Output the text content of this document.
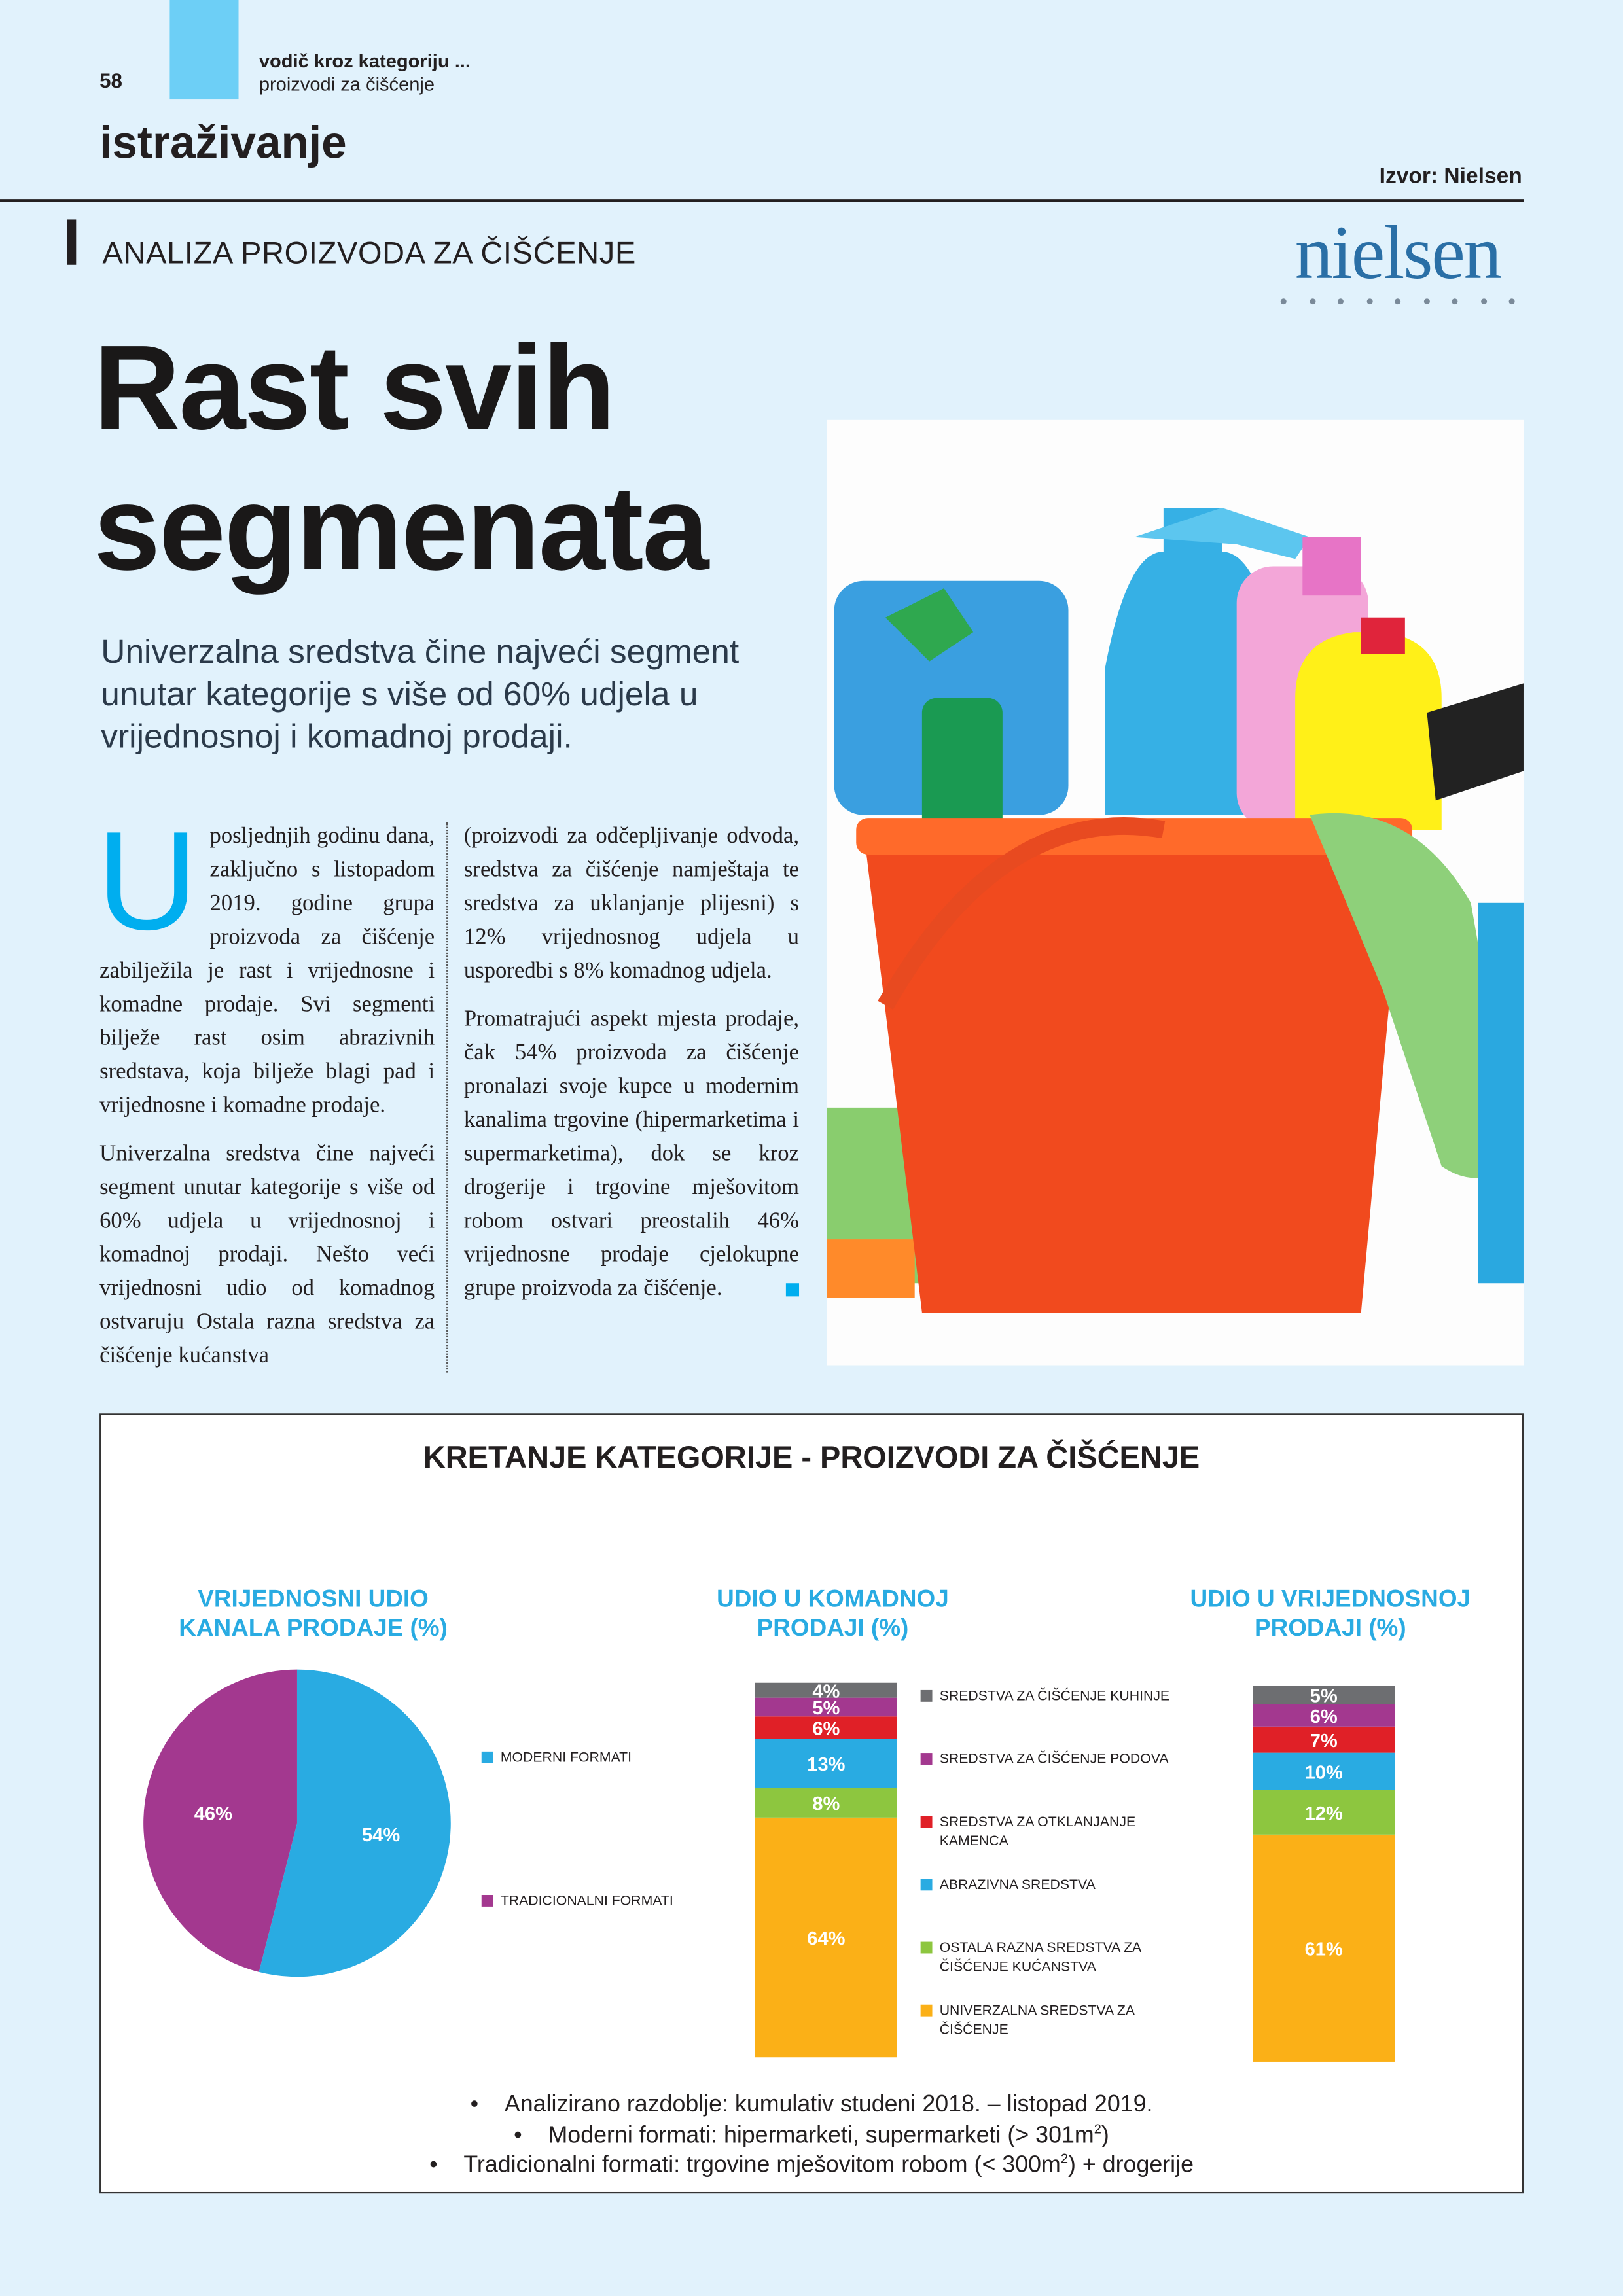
58
vodič kroz kategoriju ...
proizvodi za čišćenje
istraživanje
Izvor: Nielsen
ANALIZA PROIZVODA ZA ČIŠĆENJE	nielsen
Rast svih
segmenata
Univerzalna sredstva čine najveći segment unutar kategorije s više od 60% udjela u vrijednosnoj i komadnoj prodaji.

U posljednjih godinu dana, zaključno s listopadom 2019. godine grupa proizvoda za čišćenje zabilježila je rast i vrijednosne i komadne prodaje. Svi segmenti bilježe rast osim abrazivnih sredstava, koja bilježe blagi pad i vrijednosne i komadne prodaje.

Univerzalna sredstva čine najveći segment unutar kategorije s više od 60% udjela u vrijednosnoj i komadnoj prodaji. Nešto veći vrijednosni udio od komadnog ostvaruju Ostala razna sredstva za čišćenje kućanstva

(proizvodi za odčepljivanje odvoda, sredstva za čišćenje namještaja te sredstva za uklanjanje plijesni) s 12% vrijednosnog udjela u usporedbi s 8% komadnog udjela.

Promatrajući aspekt mjesta prodaje, čak 54% proizvoda za čišćenje pronalazi svoje kupce u modernim kanalima trgovine (hipermarketima i supermarketima), dok se kroz drogerije i trgovine mješovitom robom ostvari preostalih 46% vrijednosne prodaje cjelokupne grupe proizvoda za čišćenje.

KRETANJE KATEGORIJE - PROIZVODI ZA ČIŠĆENJE
VRIJEDNOSNI UDIO
KANALA PRODAJE (%)
UDIO U KOMADNOJ
PRODAJI (%)
UDIO U VRIJEDNOSNOJ
PRODAJI (%)
54%
46%
64%
8%
13%
6%
5%
4%
61%
12%
10%
7%
6%
5%
MODERNI FORMATI
TRADICIONALNI FORMATI
SREDSTVA ZA ČIŠĆENJE KUHINJE
SREDSTVA ZA ČIŠĆENJE PODOVA
SREDSTVA ZA OTKLANJANJE KAMENCA
ABRAZIVNA SREDSTVA
OSTALA RAZNA SREDSTVA ZA ČIŠĆENJE KUĆANSTVA
UNIVERZALNA SREDSTVA ZA ČIŠĆENJE
•    Analizirano razdoblje: kumulativ studeni 2018. – listopad 2019.
•    Moderni formati: hipermarketi, supermarketi (> $301m^2$)
•    Tradicionalni formati: trgovine mješovitom robom (< $300m^2$) + drogerije
